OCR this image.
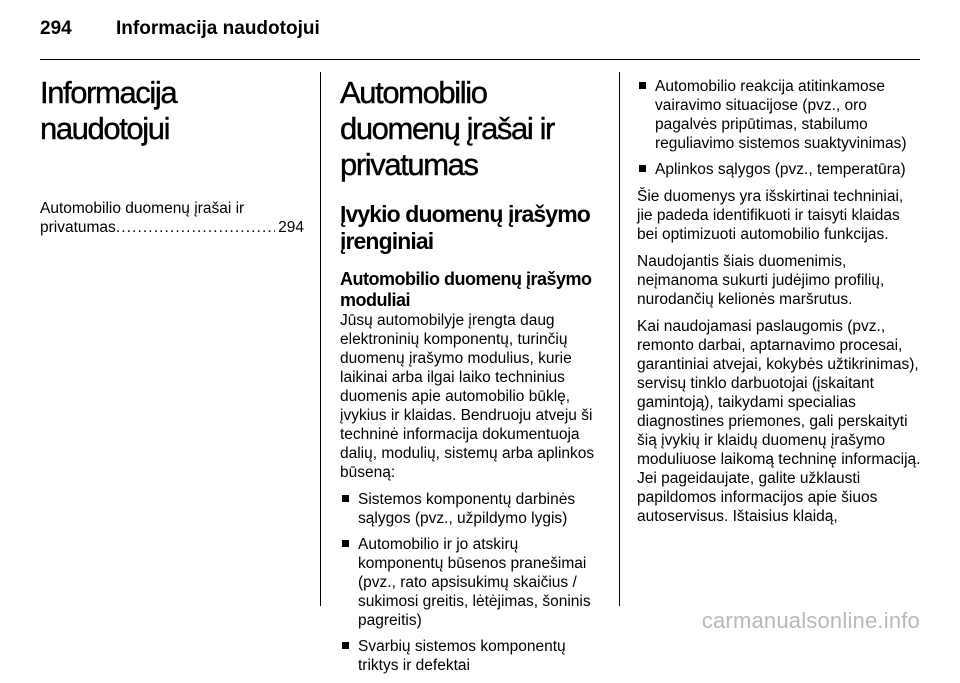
294 Informacija naudotojui
Informacija naudotojui
Automobilio duomenų įrašai ir
privatumas
. . .	294
Automobilio duomenų įrašai ir privatumas
Įvykio duomenų įrašymo įrenginiai
Automobilio duomenų įrašymo moduliai

Jūsų automobilyje įrengta daug elektroninių komponentų, turinčių duomenų įrašymo modulius, kurie laikinai arba ilgai laiko techninius duomenis apie automobilio būklę, įvykius ir klaidas. Bendruoju atveju ši techninė informacija dokumentuoja dalių, modulių, sistemų arba aplinkos būseną:

Sistemos komponentų darbinės sąlygos (pvz., užpildymo lygis)
Automobilio ir jo atskirų komponentų būsenos pranešimai (pvz., rato apsisukimų skaičius / sukimosi greitis, lėtėjimas, šoninis pagreitis)
Svarbių sistemos komponentų triktys ir defektai
Automobilio reakcija atitinkamose vairavimo situacijose (pvz., oro pagalvės pripūtimas, stabilumo reguliavimo sistemos suaktyvinimas)
Aplinkos sąlygos (pvz., temperatūra)

Šie duomenys yra išskirtinai techniniai, jie padeda identifikuoti ir taisyti klaidas bei optimizuoti automobilio funkcijas.

Naudojantis šiais duomenimis, neįmanoma sukurti judėjimo profilių, nurodančių kelionės maršrutus.

Kai naudojamasi paslaugomis (pvz., remonto darbai, aptarnavimo procesai, garantiniai atvejai, kokybės užtikrinimas), servisų tinklo darbuotojai (įskaitant gamintoją), taikydami specialias diagnostines priemones, gali perskaityti šią įvykių ir klaidų duomenų įrašymo moduliuose laikomą techninę informaciją. Jei pageidaujate, galite užklausti papildomos informacijos apie šiuos autoservisus. Ištaisius klaidą,

carmanualsonline.info
